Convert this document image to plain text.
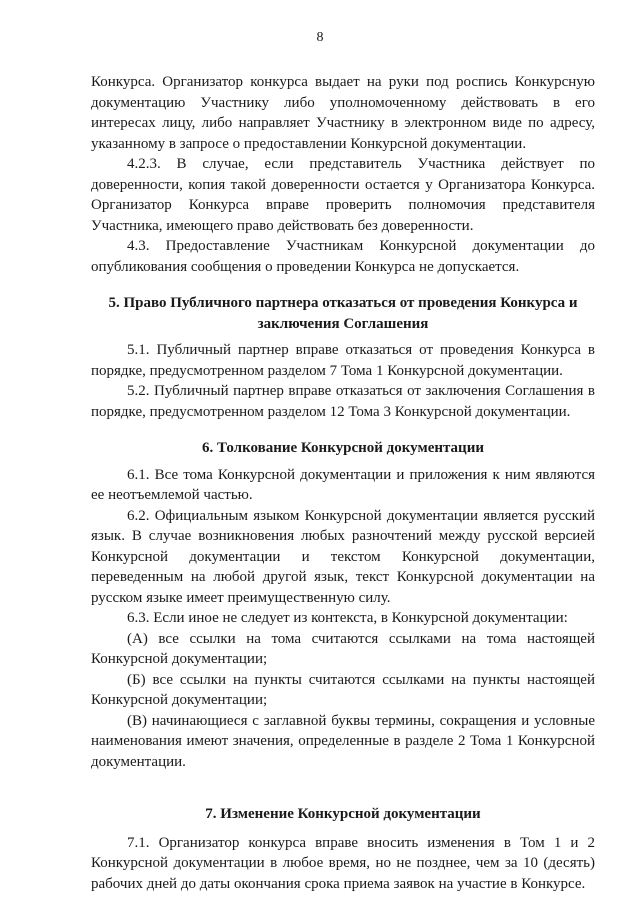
8

Конкурса. Организатор конкурса выдает на руки под роспись Конкурсную документацию Участнику либо уполномоченному действовать в его интересах лицу, либо направляет Участнику в электронном виде по адресу, указанному в запросе о предоставлении Конкурсной документации.

4.2.3. В случае, если представитель Участника действует по доверенности, копия такой доверенности остается у Организатора Конкурса. Организатор Конкурса вправе проверить полномочия представителя Участника, имеющего право действовать без доверенности.

4.3. Предоставление Участникам Конкурсной документации до опубликования сообщения о проведении Конкурса не допускается.

5. Право Публичного партнера отказаться от проведения Конкурса и заключения Соглашения

5.1. Публичный партнер вправе отказаться от проведения Конкурса в порядке, предусмотренном разделом 7 Тома 1 Конкурсной документации.

5.2. Публичный партнер вправе отказаться от заключения Соглашения в порядке, предусмотренном разделом 12 Тома 3 Конкурсной документации.

6. Толкование Конкурсной документации

6.1. Все тома Конкурсной документации и приложения к ним являются ее неотъемлемой частью.

6.2. Официальным языком Конкурсной документации является русский язык. В случае возникновения любых разночтений между русской версией Конкурсной документации и текстом Конкурсной документации, переведенным на любой другой язык, текст Конкурсной документации на русском языке имеет преимущественную силу.

6.3. Если иное не следует из контекста, в Конкурсной документации:

(А) все ссылки на тома считаются ссылками на тома настоящей Конкурсной документации;

(Б) все ссылки на пункты считаются ссылками на пункты настоящей Конкурсной документации;

(В) начинающиеся с заглавной буквы термины, сокращения и условные наименования имеют значения, определенные в разделе 2 Тома 1 Конкурсной документации.

7. Изменение Конкурсной документации

7.1. Организатор конкурса вправе вносить изменения в Том 1 и 2 Конкурсной документации в любое время, но не позднее, чем за 10 (десять) рабочих дней до даты окончания срока приема заявок на участие в Конкурсе.
